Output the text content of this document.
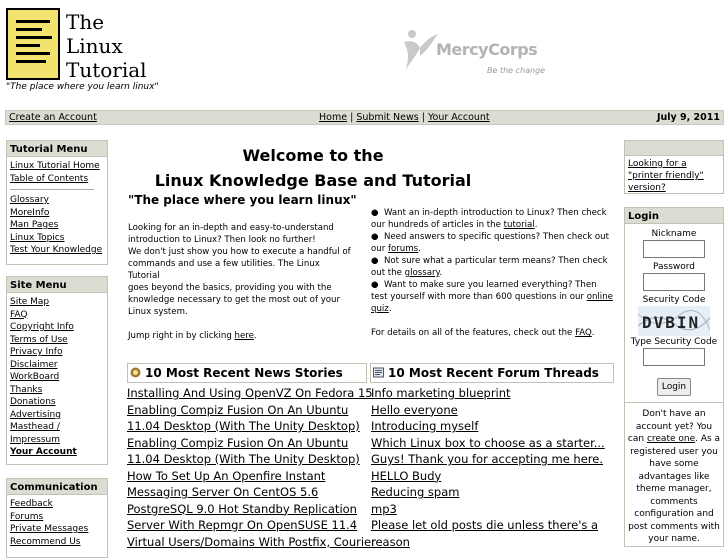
The
Linux
Tutorial
"The place where you learn linux"
MercyCorps
Be the change
Create an Account	Home | Submit News | Your Account	July 9, 2011
Tutorial Menu
Linux Tutorial Home
Table of Contents
Glossary
MoreInfo
Man Pages
Linux Topics
Test Your Knowledge
Site Menu
Site Map
FAQ
Copyright Info
Terms of Use
Privacy Info
Disclaimer
WorkBoard
Thanks
Donations
Advertising
Masthead /
Impressum
Your Account
Communication
Feedback
Forums
Private Messages
Recommend Us
Welcome to the
Linux Knowledge Base and Tutorial
"The place where you learn linux"
Looking for an in-depth and easy-to-understand
introduction to Linux? Then look no further!
We don't just show you how to execute a handful of
commands and use a few utilities. The Linux Tutorial
goes beyond the basics, providing you with the
knowledge necessary to get the most out of your
Linux system.
Jump right in by clicking here.
●  Want an in-depth introduction to Linux? Then check our hundreds of articles in the tutorial.
●  Need answers to specific questions? Then check out our forums.
●  Not sure what a particular term means? Then check out the glossary.
●  Want to make sure you learned everything? Then test yourself with more than 600 questions in our online quiz.
For details on all of the features, check out the FAQ.
10 Most Recent News Stories
Installing And Using OpenVZ On Fedora 15
Enabling Compiz Fusion On An Ubuntu
11.04 Desktop (With The Unity Desktop)
Enabling Compiz Fusion On An Ubuntu
11.04 Desktop (With The Unity Desktop)
How To Set Up An Openfire Instant
Messaging Server On CentOS 5.6
PostgreSQL 9.0 Hot Standby Replication
Server With Repmgr On OpenSUSE 11.4
Virtual Users/Domains With Postfix, Courier
10 Most Recent Forum Threads
Info marketing blueprint
Hello everyone
Introducing myself
Which Linux box to choose as a starter...
Guys! Thank you for accepting me here.
HELLO Budy
Reducing spam
mp3
Please let old posts die unless there's a
reason
Looking for a "printer friendly" version?
Login
Nickname
Password
Security Code
DVBIN
Type Security Code
Login
Don't have an account yet? You can create one. As a registered user you have some advantages like theme manager, comments configuration and post comments with your name.
